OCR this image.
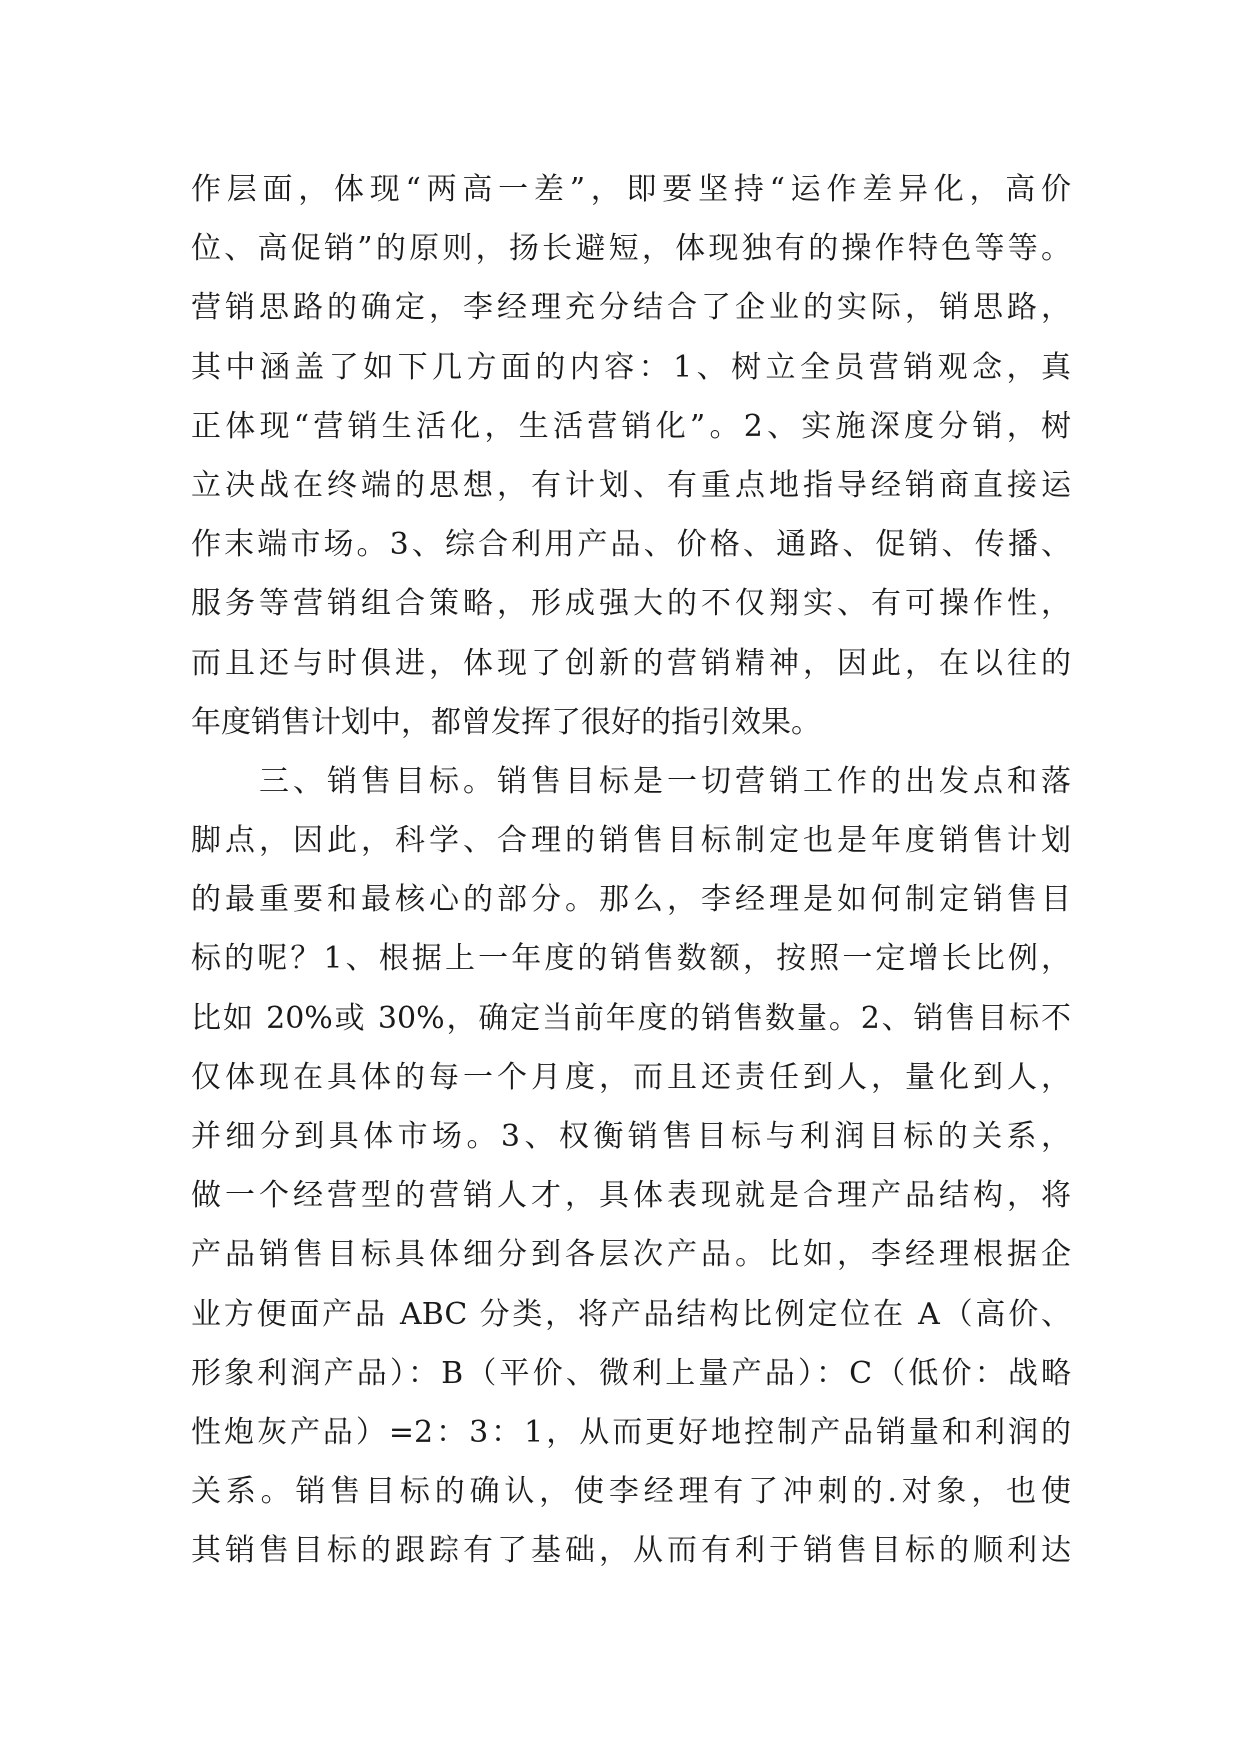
作层面，体现“两高一差”，即要坚持“运作差异化，高价
位、高促销”的原则，扬长避短，体现独有的操作特色等等。
营销思路的确定，李经理充分结合了企业的实际，销思路，
其中涵盖了如下几方面的内容：1、树立全员营销观念，真
正体现“营销生活化，生活营销化”。2、实施深度分销，树
立决战在终端的思想，有计划、有重点地指导经销商直接运
作末端市场。3、综合利用产品、价格、通路、促销、传播、
服务等营销组合策略，形成强大的不仅翔实、有可操作性，
而且还与时俱进，体现了创新的营销精神，因此，在以往的
年度销售计划中，都曾发挥了很好的指引效果。
　　三、销售目标。销售目标是一切营销工作的出发点和落
脚点，因此，科学、合理的销售目标制定也是年度销售计划
的最重要和最核心的部分。那么，李经理是如何制定销售目
标的呢？1、根据上一年度的销售数额，按照一定增长比例，
比如 20%或 30%，确定当前年度的销售数量。2、销售目标不
仅体现在具体的每一个月度，而且还责任到人，量化到人，
并细分到具体市场。3、权衡销售目标与利润目标的关系，
做一个经营型的营销人才，具体表现就是合理产品结构，将
产品销售目标具体细分到各层次产品。比如，李经理根据企
业方便面产品 ABC 分类，将产品结构比例定位在 A（高价、
形象利润产品）：B（平价、微利上量产品）：C（低价：战略
性炮灰产品）=2：3：1，从而更好地控制产品销量和利润的
关系。销售目标的确认，使李经理有了冲刺的.对象，也使
其销售目标的跟踪有了基础，从而有利于销售目标的顺利达
